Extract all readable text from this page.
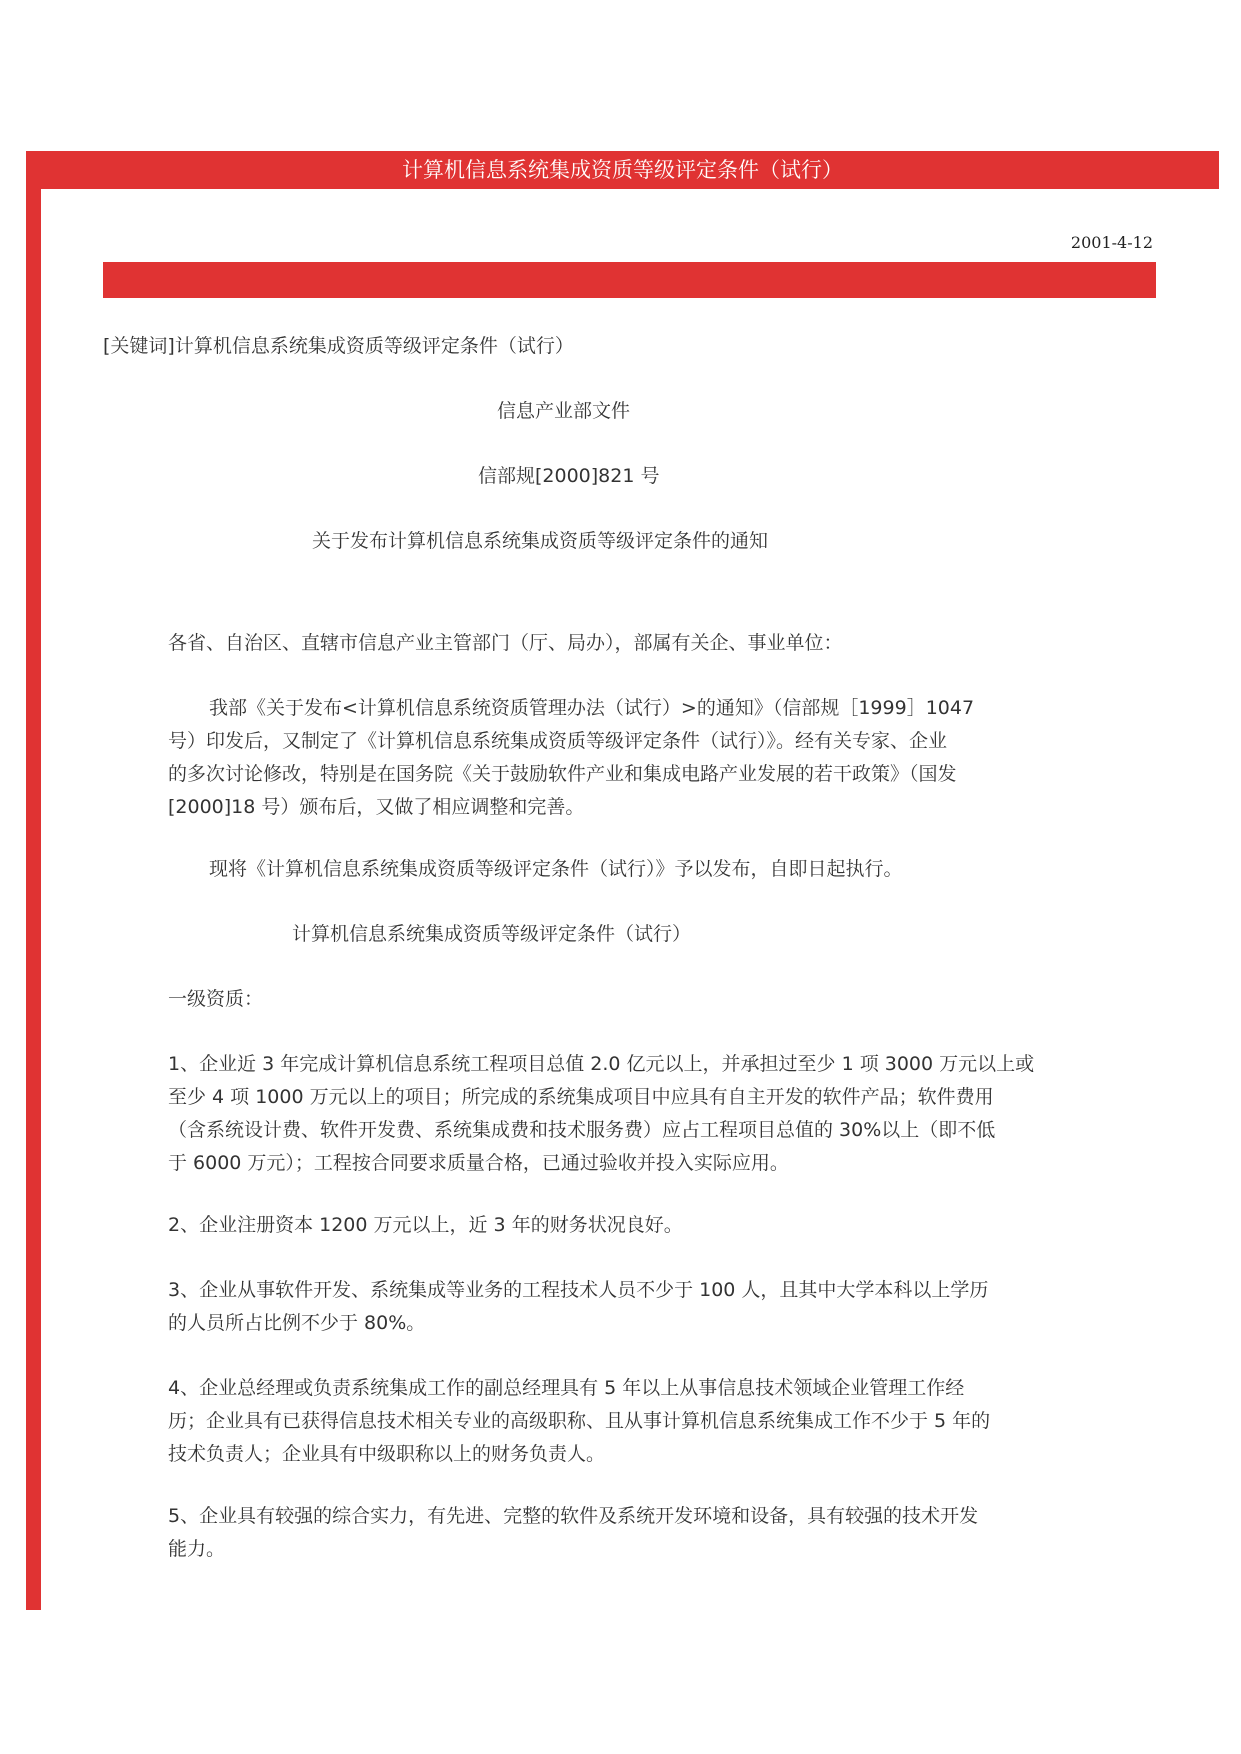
计算机信息系统集成资质等级评定条件（试行）
2001-4-12

[关键词]计算机信息系统集成资质等级评定条件（试行）

信息产业部文件

信部规[2000]821 号

关于发布计算机信息系统集成资质等级评定条件的通知

各省、自治区、直辖市信息产业主管部门（厅、局办），部属有关企、事业单位：

我部《关于发布<计算机信息系统资质管理办法（试行）>的通知》（信部规［1999］1047
号）印发后，又制定了《计算机信息系统集成资质等级评定条件（试行）》。经有关专家、企业
的多次讨论修改，特别是在国务院《关于鼓励软件产业和集成电路产业发展的若干政策》（国发
[2000]18 号）颁布后，又做了相应调整和完善。

现将《计算机信息系统集成资质等级评定条件（试行）》予以发布，自即日起执行。

计算机信息系统集成资质等级评定条件（试行）

一级资质：

1、企业近 3 年完成计算机信息系统工程项目总值 2.0 亿元以上，并承担过至少 1 项 3000 万元以上或
至少 4 项 1000 万元以上的项目；所完成的系统集成项目中应具有自主开发的软件产品；软件费用
（含系统设计费、软件开发费、系统集成费和技术服务费）应占工程项目总值的 30%以上（即不低
于 6000 万元）；工程按合同要求质量合格，已通过验收并投入实际应用。
2、企业注册资本 1200 万元以上，近 3 年的财务状况良好。
3、企业从事软件开发、系统集成等业务的工程技术人员不少于 100 人，且其中大学本科以上学历
的人员所占比例不少于 80%。
4、企业总经理或负责系统集成工作的副总经理具有 5 年以上从事信息技术领域企业管理工作经
历；企业具有已获得信息技术相关专业的高级职称、且从事计算机信息系统集成工作不少于 5 年的
技术负责人；企业具有中级职称以上的财务负责人。
5、企业具有较强的综合实力，有先进、完整的软件及系统开发环境和设备，具有较强的技术开发
能力。
